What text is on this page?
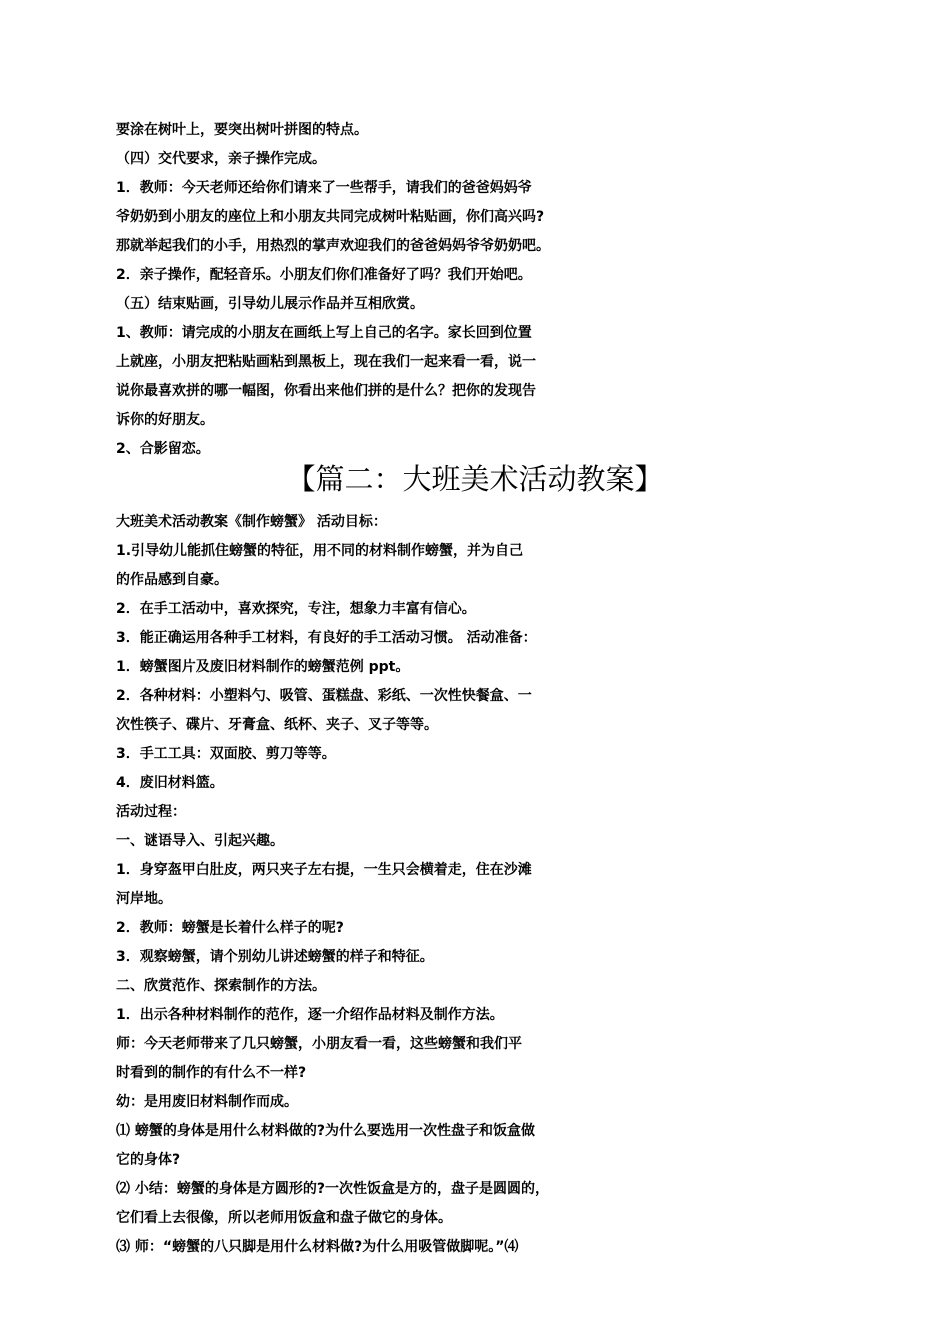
要涂在树叶上，要突出树叶拼图的特点。
（四）交代要求，亲子操作完成。
1．教师：今天老师还给你们请来了一些帮手，请我们的爸爸妈妈爷
爷奶奶到小朋友的座位上和小朋友共同完成树叶粘贴画，你们高兴吗?
那就举起我们的小手，用热烈的掌声欢迎我们的爸爸妈妈爷爷奶奶吧。
2．亲子操作，配轻音乐。小朋友们你们准备好了吗？我们开始吧。
（五）结束贴画，引导幼儿展示作品并互相欣赏。
1、教师：请完成的小朋友在画纸上写上自己的名字。家长回到位置
上就座，小朋友把粘贴画粘到黑板上，现在我们一起来看一看，说一
说你最喜欢拼的哪一幅图，你看出来他们拼的是什么？把你的发现告
诉你的好朋友。
2、合影留恋。
【篇二：大班美术活动教案】
大班美术活动教案《制作螃蟹》 活动目标：
1.引导幼儿能抓住螃蟹的特征，用不同的材料制作螃蟹，并为自己
的作品感到自豪。
2．在手工活动中，喜欢探究，专注，想象力丰富有信心。
3．能正确运用各种手工材料，有良好的手工活动习惯。 活动准备：
1．螃蟹图片及废旧材料制作的螃蟹范例 ppt。
2．各种材料：小塑料勺、吸管、蛋糕盘、彩纸、一次性快餐盒、一
次性筷子、碟片、牙膏盒、纸杯、夹子、叉子等等。
3．手工工具：双面胶、剪刀等等。
4．废旧材料篮。
活动过程：
一、谜语导入、引起兴趣。
1．身穿盔甲白肚皮，两只夹子左右提，一生只会横着走，住在沙滩
河岸地。
2．教师：螃蟹是长着什么样子的呢?
3．观察螃蟹，请个别幼儿讲述螃蟹的样子和特征。
二、欣赏范作、探索制作的方法。
1．出示各种材料制作的范作，逐一介绍作品材料及制作方法。
师：今天老师带来了几只螃蟹，小朋友看一看，这些螃蟹和我们平
时看到的制作的有什么不一样?
幼：是用废旧材料制作而成。
⑴ 螃蟹的身体是用什么材料做的?为什么要选用一次性盘子和饭盒做
它的身体?
⑵ 小结：螃蟹的身体是方圆形的?一次性饭盒是方的，盘子是圆圆的，
它们看上去很像，所以老师用饭盒和盘子做它的身体。
⑶ 师：“螃蟹的八只脚是用什么材料做?为什么用吸管做脚呢。”⑷
